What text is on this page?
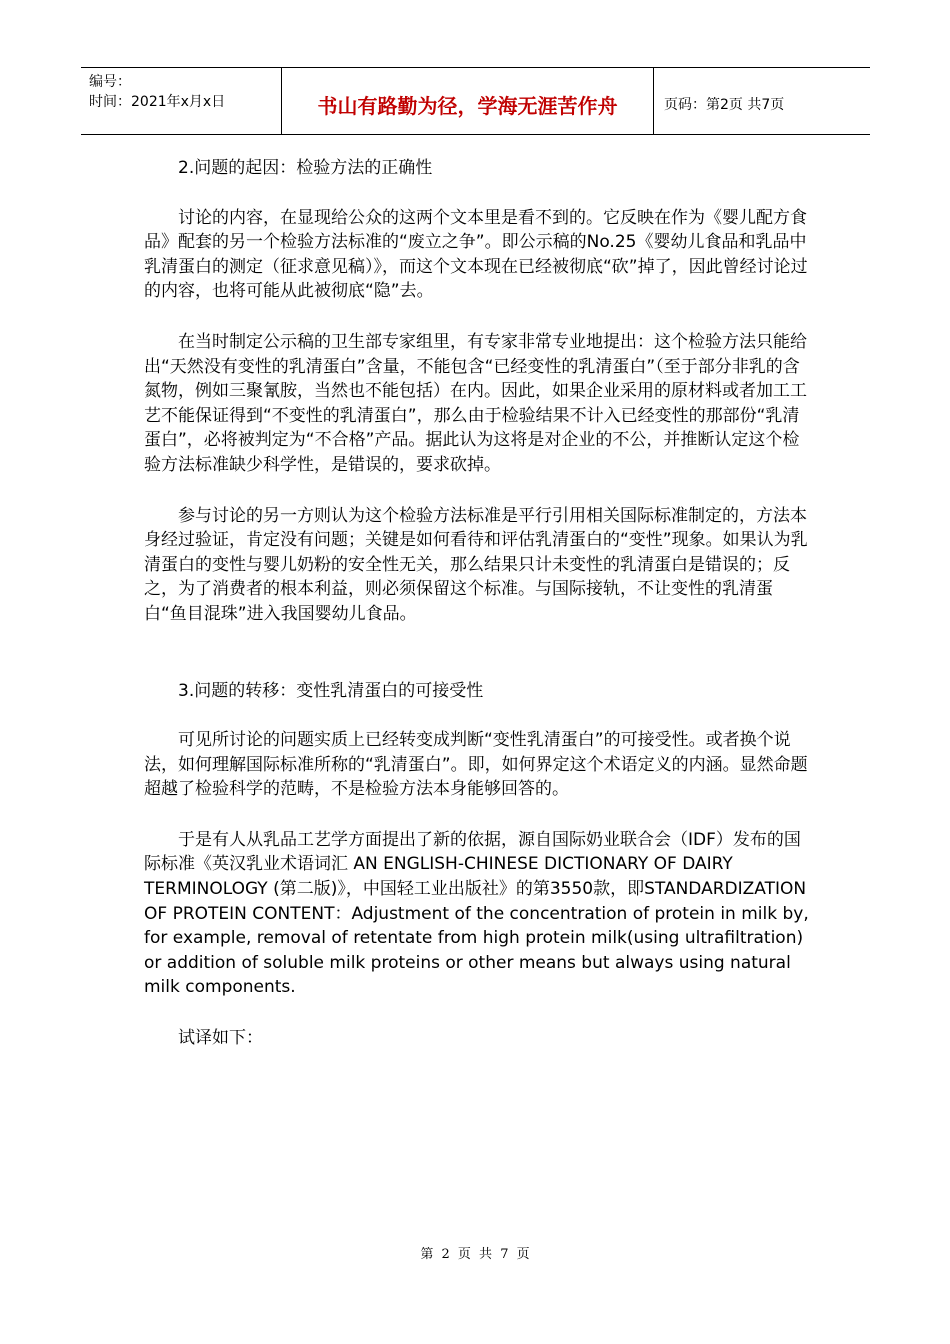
编号：
时间：2021年x月x日	书山有路勤为径，学海无涯苦作舟	页码：第2页 共7页

2.问题的起因：检验方法的正确性

讨论的内容，在显现给公众的这两个文本里是看不到的。它反映在作为《婴儿配方食品》配套的另一个检验方法标准的“废立之争”。即公示稿的No.25《婴幼儿食品和乳品中乳清蛋白的测定（征求意见稿）》，而这个文本现在已经被彻底“砍”掉了，因此曾经讨论过的内容，也将可能从此被彻底“隐”去。

在当时制定公示稿的卫生部专家组里，有专家非常专业地提出：这个检验方法只能给出“天然没有变性的乳清蛋白”含量，不能包含“已经变性的乳清蛋白”（至于部分非乳的含氮物，例如三聚氰胺，当然也不能包括）在内。因此，如果企业采用的原材料或者加工工艺不能保证得到“不变性的乳清蛋白”，那么由于检验结果不计入已经变性的那部份“乳清蛋白”，必将被判定为“不合格”产品。据此认为这将是对企业的不公，并推断认定这个检验方法标准缺少科学性，是错误的，要求砍掉。

参与讨论的另一方则认为这个检验方法标准是平行引用相关国际标准制定的，方法本身经过验证，肯定没有问题；关键是如何看待和评估乳清蛋白的“变性”现象。如果认为乳清蛋白的变性与婴儿奶粉的安全性无关，那么结果只计未变性的乳清蛋白是错误的；反之，为了消费者的根本利益，则必须保留这个标准。与国际接轨，不让变性的乳清蛋白“鱼目混珠”进入我国婴幼儿食品。

3.问题的转移：变性乳清蛋白的可接受性

可见所讨论的问题实质上已经转变成判断“变性乳清蛋白”的可接受性。或者换个说法，如何理解国际标准所称的“乳清蛋白”。即，如何界定这个术语定义的内涵。显然命题超越了检验科学的范畴，不是检验方法本身能够回答的。

于是有人从乳品工艺学方面提出了新的依据，源自国际奶业联合会（IDF）发布的国际标准《英汉乳业术语词汇 AN ENGLISH-CHINESE DICTIONARY OF DAIRY TERMINOLOGY (第二版)》，中国轻工业出版社》的第3550款，即STANDARDIZATION OF PROTEIN CONTENT：Adjustment of the concentration of protein in milk by, for example, removal of retentate from high protein milk(using ultrafiltration) or addition of soluble milk proteins or other means but always using natural milk components.

试译如下：

第 2 页 共 7 页
